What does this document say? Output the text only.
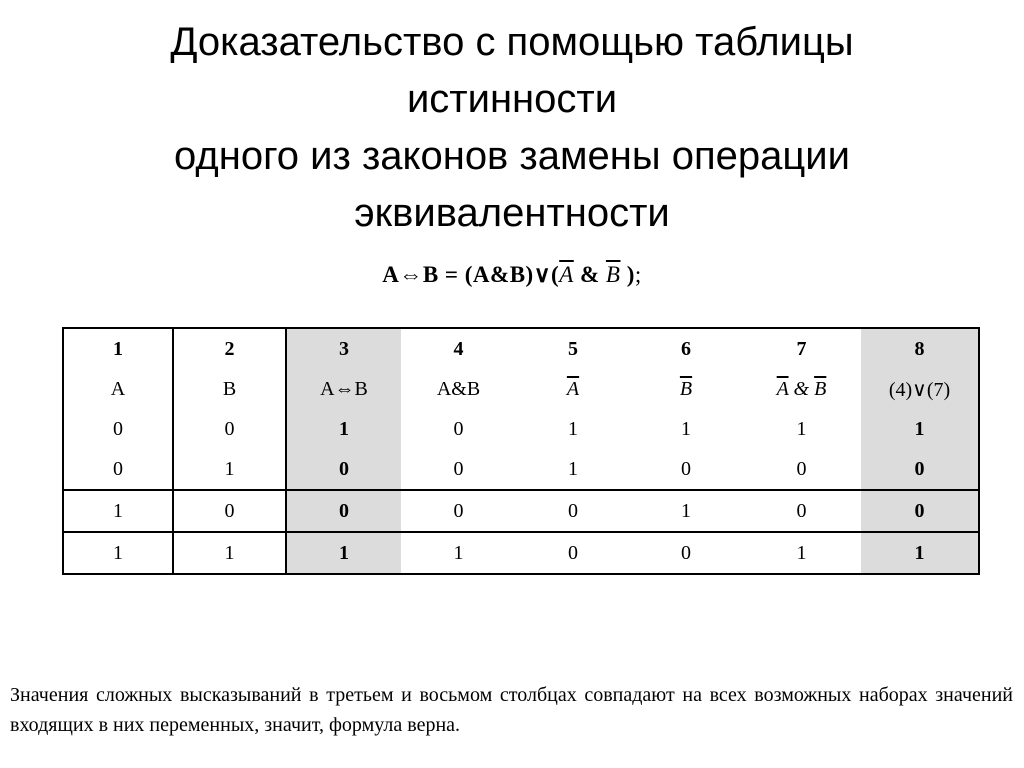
Доказательство с помощью таблицы
истинности
одного из законов замены операции
эквивалентности
A⇔B = $(A\&B)\vee(\overline{A}$ & $\overline{B}$ );
1	2	3	4	5	6	7	8
A	B	A⇔B	A&B	$\overline{A}$	$\overline{B}$	$\overline{A}$ & $\overline{B}$	(4)∨(7)
0	0	1	0	1	1	1	1
0	1	0	0	1	0	0	0
1	0	0	0	0	1	0	0
1	1	1	1	0	0	1	1

Значения сложных высказываний в третьем и восьмом столбцах совпадают на всех возможных наборах значений входящих в них переменных, значит, формула верна.
